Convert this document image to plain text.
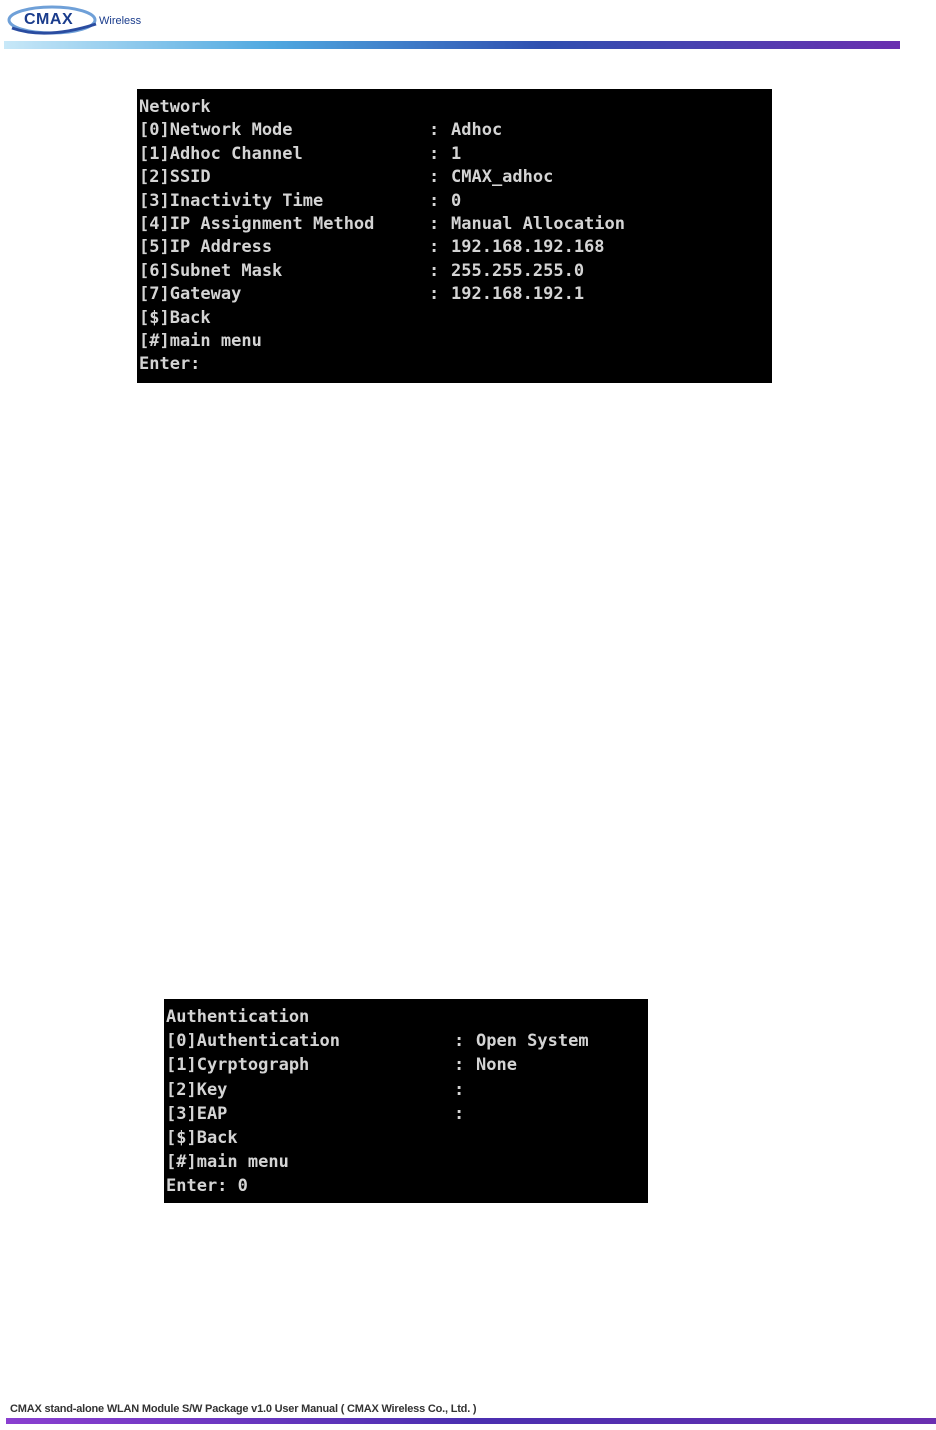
CMAX Wireless
Network
[0]Network Mode	: Adhoc
[1]Adhoc Channel	: 1
[2]SSID	: CMAX_adhoc
[3]Inactivity Time	: 0
[4]IP Assignment Method	: Manual Allocation
[5]IP Address	: 192.168.192.168
[6]Subnet Mask	: 255.255.255.0
[7]Gateway	: 192.168.192.1
[$]Back
[#]main menu
Enter:
Authentication
[0]Authentication	: Open System
[1]Cyrptograph	: None
[2]Key	:
[3]EAP	:
[$]Back
[#]main menu
Enter: 0
CMAX stand-alone WLAN Module S/W Package v1.0 User Manual ( CMAX Wireless Co., Ltd. )
